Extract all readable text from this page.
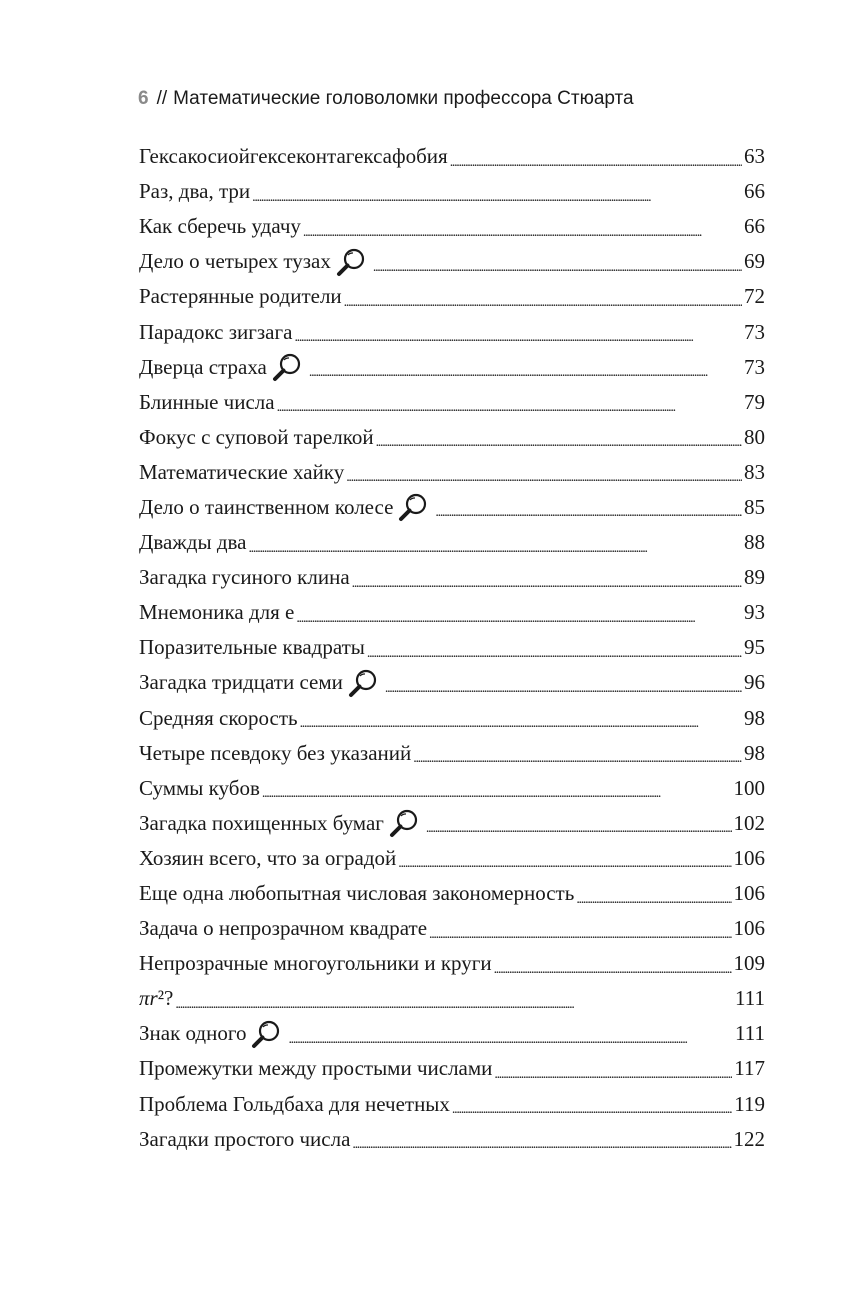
6 // Математические головоломки профессора Стюарта
Гексакосиойгексеконтагексафобия . . .	63
Раз, два, три . . .	66
Как сберечь удачу . . .	66
Дело о четырех тузах . . .	69
Растерянные родители . . .	72
Парадокс зигзага . . .	73
Дверца страха . . .	73
Блинные числа . . .	79
Фокус с суповой тарелкой . . .	80
Математические хайку . . .	83
Дело о таинственном колесе . . .	85
Дважды два . . .	88
Загадка гусиного клина . . .	89
Мнемоника для е . . .	93
Поразительные квадраты . . .	95
Загадка тридцати семи . . .	96
Средняя скорость . . .	98
Четыре псевдоку без указаний . . .	98
Суммы кубов . . .	100
Загадка похищенных бумаг . . .	102
Хозяин всего, что за оградой . . .	106
Еще одна любопытная числовая закономерность . . .	106
Задача о непрозрачном квадрате . . .	106
Непрозрачные многоугольники и круги . . .	109
πr²? . . .	111
Знак одного . . .	111
Промежутки между простыми числами . . .	117
Проблема Гольдбаха для нечетных . . .	119
Загадки простого числа . . .	122
